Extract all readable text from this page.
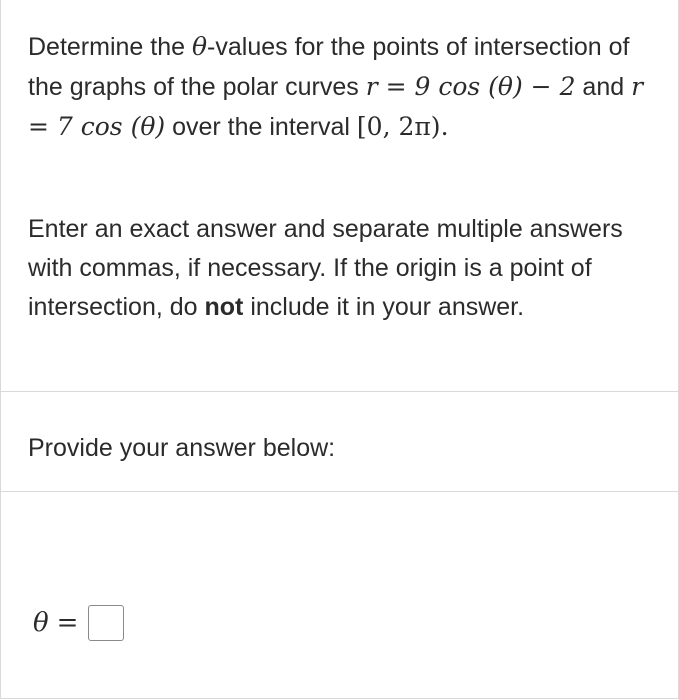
Determine the θ-values for the points of intersection of the graphs of the polar curves r = 9 cos (θ) − 2 and r = 7 cos (θ) over the interval [0, 2π).

Enter an exact answer and separate multiple answers with commas, if necessary. If the origin is a point of intersection, do not include it in your answer.

Provide your answer below:

θ =
